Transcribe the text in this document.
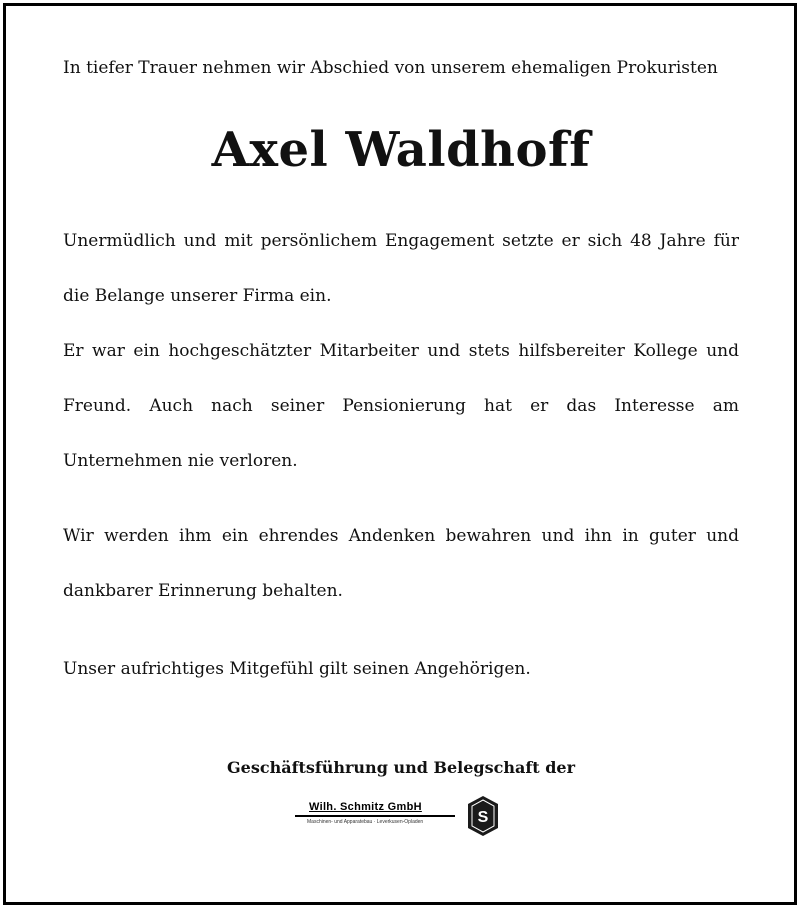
In tiefer Trauer nehmen wir Abschied von unserem ehemaligen Prokuristen
Axel Waldhoff
Unermüdlich und mit persönlichem Engagement setzte er sich 48 Jahre für die Belange unserer Firma ein.
Er war ein hochgeschätzter Mitarbeiter und stets hilfsbereiter Kollege und Freund. Auch nach seiner Pensionierung hat er das Interesse am Unternehmen nie verloren.
Wir werden ihm ein ehrendes Andenken bewahren und ihn in guter und dankbarer Erinnerung behalten.
Unser aufrichtiges Mitgefühl gilt seinen Angehörigen.
Geschäftsführung und Belegschaft der
Wilh. Schmitz GmbH
Maschinen- und Apparatebau · Leverkusen-Opladen	S
